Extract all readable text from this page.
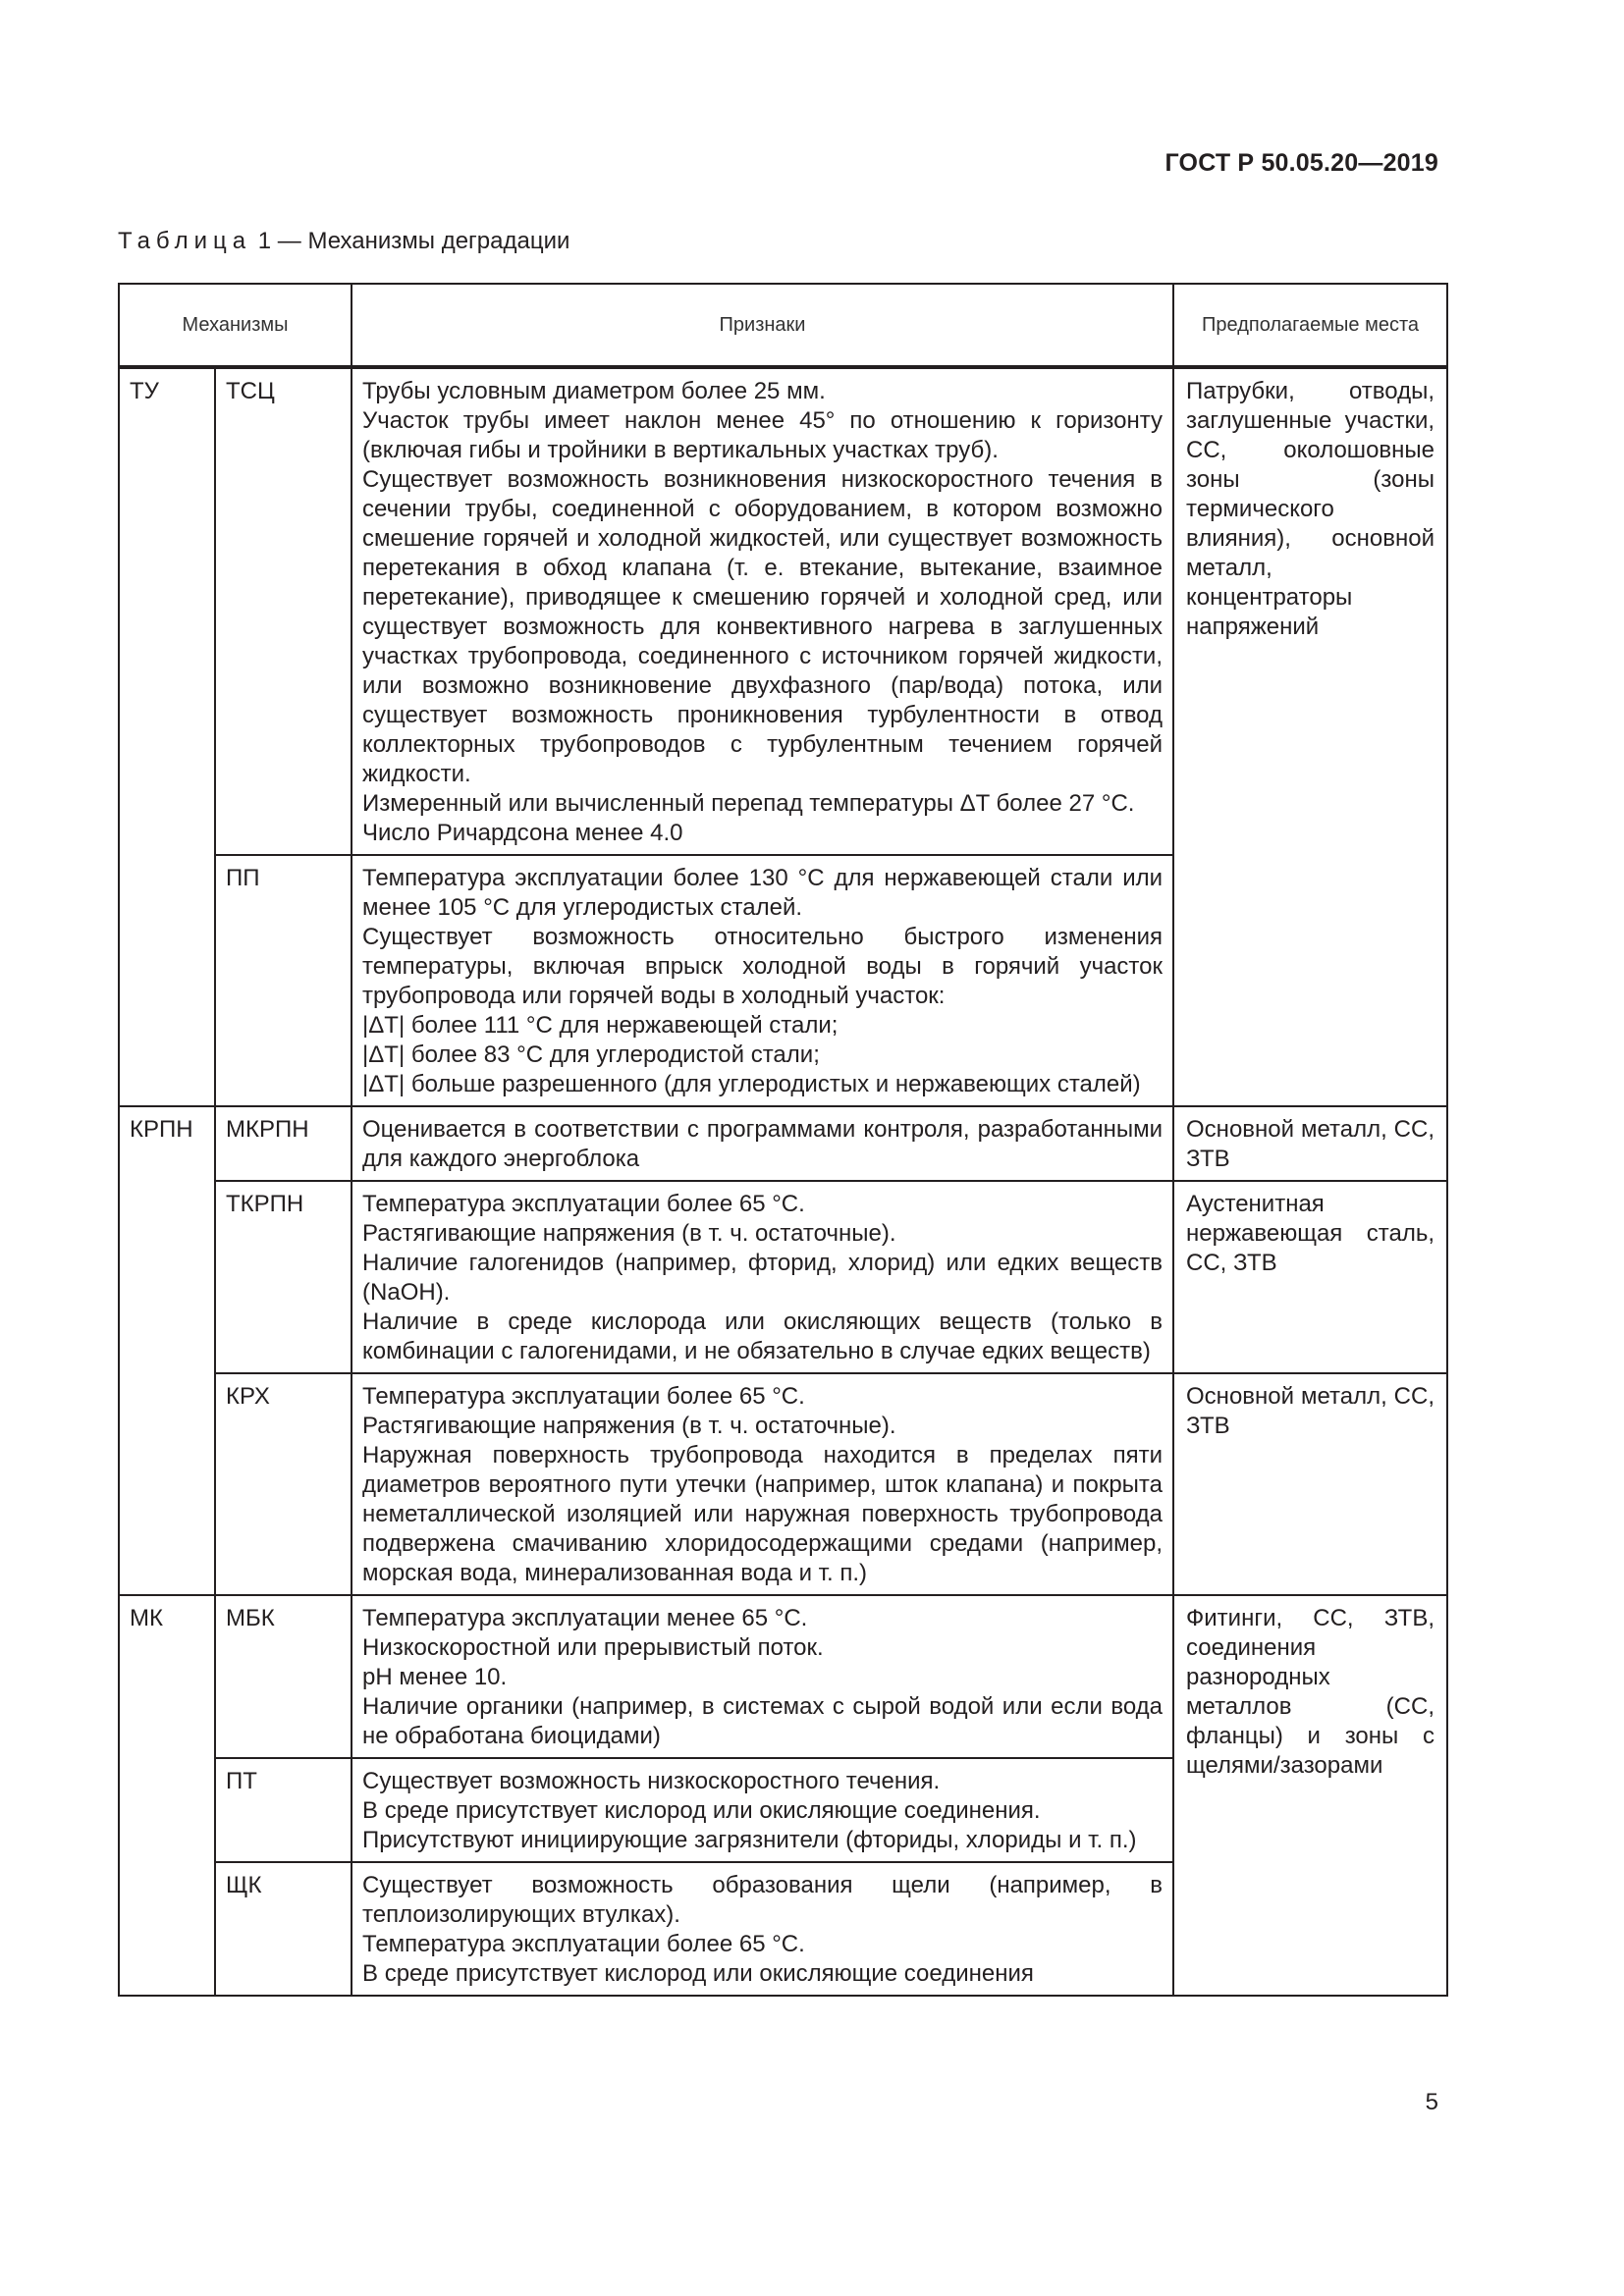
ГОСТ Р 50.05.20—2019
Таблица 1 — Механизмы деградации
Механизмы		Признаки	Предполагаемые места
ТУ	ТСЦ	Трубы условным диаметром более 25 мм.
Участок трубы имеет наклон менее 45° по отношению к горизонту (включая гибы и тройники в вертикальных участках труб).
Существует возможность возникновения низкоскоростного течения в сечении трубы, соединенной с оборудованием, в котором возможно смешение горячей и холодной жидкостей, или существует возможность перетекания в обход клапана (т. е. втекание, вытекание, взаимное перетекание), приводящее к смешению горячей и холодной сред, или существует возможность для конвективного нагрева в заглушенных участках трубопровода, соединенного с источником горячей жидкости, или возможно возникновение двухфазного (пар/вода) потока, или существует возможность проникновения турбулентности в отвод коллекторных трубопроводов с турбулентным течением горячей жидкости.
Измеренный или вычисленный перепад температуры ΔT более 27 °С.
Число Ричардсона менее 4.0	Патрубки, отводы, заглушенные участки, СС, околошовные зоны (зоны термического влияния), основной металл, концентраторы напряжений
	ПП	Температура эксплуатации более 130 °С для нержавеющей стали или менее 105 °С для углеродистых сталей.
Существует возможность относительно быстрого изменения температуры, включая впрыск холодной воды в горячий участок трубопровода или горячей воды в холодный участок:
|ΔT| более 111 °С для нержавеющей стали;
|ΔT| более 83 °С для углеродистой стали;
|ΔT| больше разрешенного (для углеродистых и нержавеющих сталей)	

КРПН	МКРПН	Оценивается в соответствии с программами контроля, разработанными для каждого энергоблока	Основной металл, СС, ЗТВ
	ТКРПН	Температура эксплуатации более 65 °С.
Растягивающие напряжения (в т. ч. остаточные).
Наличие галогенидов (например, фторид, хлорид) или едких веществ (NaOH).
Наличие в среде кислорода или окисляющих веществ (только в комбинации с галогенидами, и не обязательно в случае едких веществ)	Аустенитная нержавеющая сталь, СС, ЗТВ
	КРХ	Температура эксплуатации более 65 °С.
Растягивающие напряжения (в т. ч. остаточные).
Наружная поверхность трубопровода находится в пределах пяти диаметров вероятного пути утечки (например, шток клапана) и покрыта неметаллической изоляцией или наружная поверхность трубопровода подвержена смачиванию хлоридосодержащими средами (например, морская вода, минерализованная вода и т. п.)	Основной металл, СС, ЗТВ
МК	МБК	Температура эксплуатации менее 65 °С.
Низкоскоростной или прерывистый поток.
pH менее 10.
Наличие органики (например, в системах с сырой водой или если вода не обработана биоцидами)	Фитинги, СС, ЗТВ, соединения разнородных металлов (СС, фланцы) и зоны с щелями/зазорами
	ПТ	Существует возможность низкоскоростного течения.
В среде присутствует кислород или окисляющие соединения.
Присутствуют инициирующие загрязнители (фториды, хлориды и т. п.)	

	ЩК	Существует возможность образования щели (например, в теплоизолирующих втулках).
Температура эксплуатации более 65 °С.
В среде присутствует кислород или окисляющие соединения	
5
